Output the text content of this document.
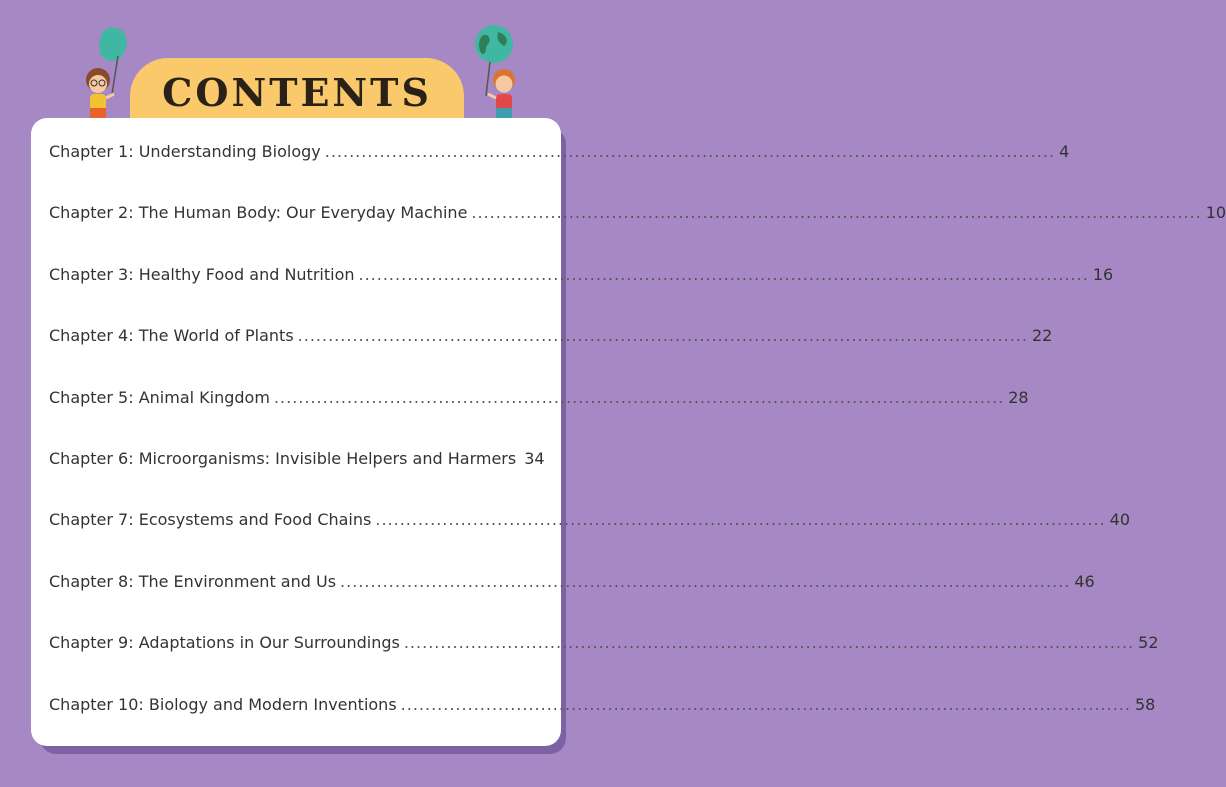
CONTENTS
Chapter 1: Understanding Biology ........................................................................................................................ 4
Chapter 2: The Human Body: Our Everyday Machine ........................................................................................................................ 10
Chapter 3: Healthy Food and Nutrition ........................................................................................................................ 16
Chapter 4: The World of Plants ........................................................................................................................ 22
Chapter 5: Animal Kingdom ........................................................................................................................ 28
Chapter 6: Microorganisms: Invisible Helpers and Harmers 34
Chapter 7: Ecosystems and Food Chains ........................................................................................................................ 40
Chapter 8: The Environment and Us ........................................................................................................................ 46
Chapter 9: Adaptations in Our Surroundings ........................................................................................................................ 52
Chapter 10: Biology and Modern Inventions ........................................................................................................................ 58
